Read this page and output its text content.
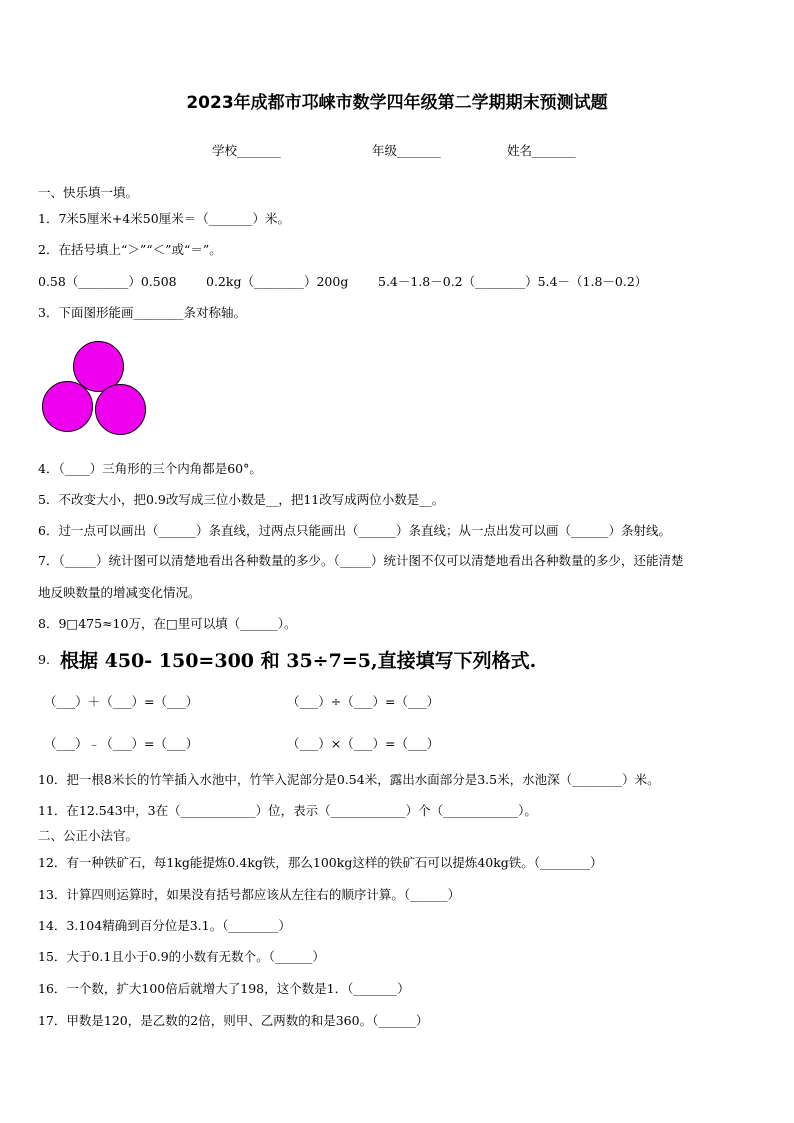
2023年成都市邛崃市数学四年级第二学期期末预测试题
学校_______	年级_______	姓名_______
一、快乐填一填。
1．7米5厘米+4米50厘米＝（_______）米。
2．在括号填上“＞”“＜”或“＝”。
0.58（________）0.508 0.2kg（________）200g 5.4－1.8－0.2（________）5.4－（1.8－0.2）
3．下面图形能画________条对称轴。
4．（____）三角形的三个内角都是60°。
5．不改变大小，把0.9改写成三位小数是__，把11改写成两位小数是__。
6．过一点可以画出（______）条直线，过两点只能画出（______）条直线；从一点出发可以画（______）条射线。
7．（_____）统计图可以清楚地看出各种数量的多少。（_____）统计图不仅可以清楚地看出各种数量的多少，还能清楚
地反映数量的增减变化情况。
8．9□475≈10万，在□里可以填（______）。
9. 根据 450- 150=300 和 35÷7=5,直接填写下列格式.
（___）＋（___）=（___）	（___）÷（___）=（___）
（___）﹣（___）=（___）	（___）×（___）=（___）
10．把一根8米长的竹竿插入水池中，竹竿入泥部分是0.54米，露出水面部分是3.5米，水池深（________）米。
11．在12.543中，3在（____________）位，表示（____________）个（____________）。
二、公正小法官。
12．有一种铁矿石，每1kg能提炼0.4kg铁，那么100kg这样的铁矿石可以提炼40kg铁。（________）
13．计算四则运算时，如果没有括号都应该从左往右的顺序计算。（______）
14．3.104精确到百分位是3.1。（________）
15．大于0.1且小于0.9的小数有无数个。（______）
16．一个数，扩大100倍后就增大了198，这个数是1．（_______）
17．甲数是120，是乙数的2倍，则甲、乙两数的和是360。（______）
